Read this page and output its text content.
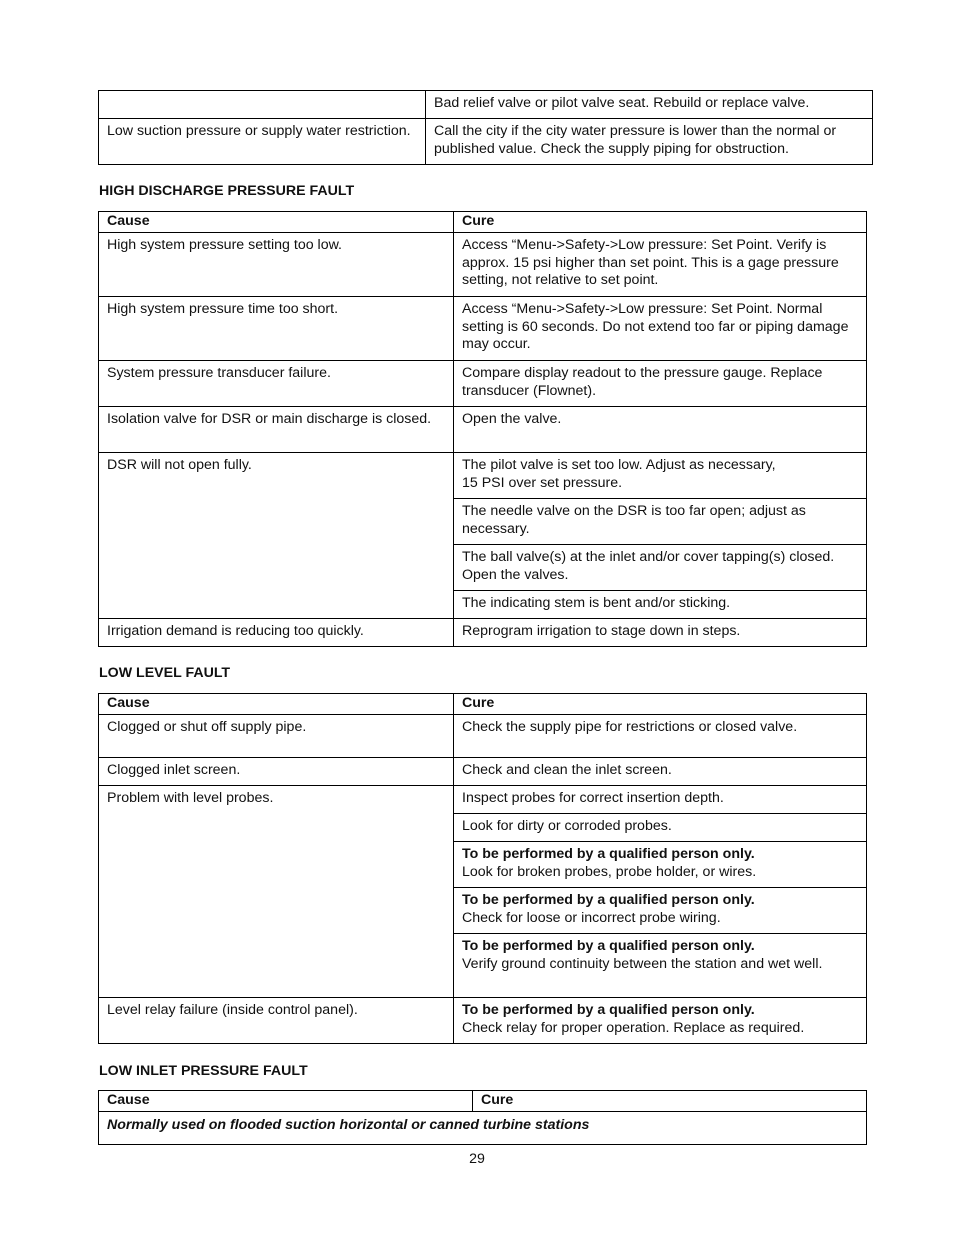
	Bad relief valve or pilot valve seat. Rebuild or replace valve.
Low suction pressure or supply water restriction.	Call the city if the city water pressure is lower than the normal or published value. Check the supply piping for obstruction.
HIGH DISCHARGE PRESSURE FAULT
Cause	Cure
High system pressure setting too low.	Access “Menu->Safety->Low pressure: Set Point. Verify is approx. 15 psi higher than set point. This is a gage pressure setting, not relative to set point.
High system pressure time too short.	Access “Menu->Safety->Low pressure: Set Point. Normal setting is 60 seconds. Do not extend too far or piping damage may occur.
System pressure transducer failure.	Compare display readout to the pressure gauge. Replace transducer (Flownet).
Isolation valve for DSR or main discharge is closed.	Open the valve.
DSR will not open fully.	The pilot valve is set too low. Adjust as necessary,
15 PSI over set pressure.

	The needle valve on the DSR is too far open; adjust as necessary.
	The ball valve(s) at the inlet and/or cover tapping(s) closed. Open the valves.
	The indicating stem is bent and/or sticking.
Irrigation demand is reducing too quickly.	Reprogram irrigation to stage down in steps.
LOW LEVEL FAULT
Cause	Cure
Clogged or shut off supply pipe.	Check the supply pipe for restrictions or closed valve.
Clogged inlet screen.	Check and clean the inlet screen.
Problem with level probes.	Inspect probes for correct insertion depth.
	Look for dirty or corroded probes.

	To be performed by a qualified person only.
Look for broken probes, probe holder, or wires.

	To be performed by a qualified person only.
Check for loose or incorrect probe wiring.

	To be performed by a qualified person only.
Verify ground continuity between the station and wet well.

Level relay failure (inside control panel).	To be performed by a qualified person only.
Check relay for proper operation. Replace as required.
LOW INLET PRESSURE FAULT
Cause	Cure
Normally used on flooded suction horizontal or canned turbine stations
29
